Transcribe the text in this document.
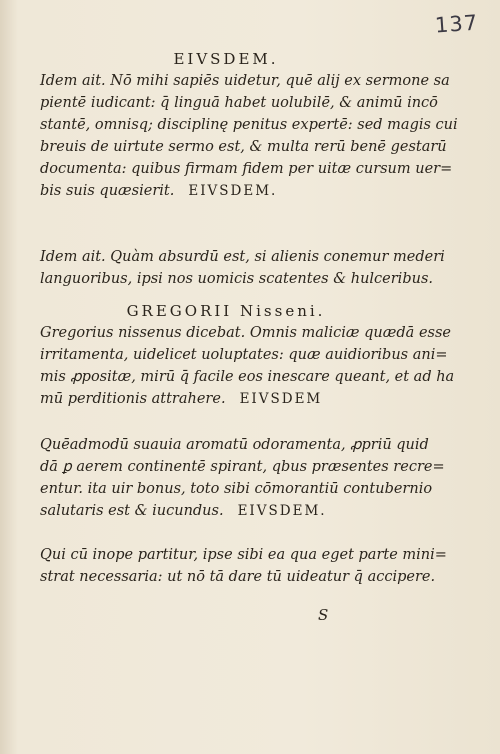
137
EIVSDEM.
Idem ait. Nō mihi sapiēs uidetur, quē alij ex sermone sa
pientē iudicant: q̄ linguā habet uolubilē, & animū incō
stantē, omnisq; disciplinę penitus expertē: sed magis cui
breuis de uirtute sermo est, & multa rerū benē gestarū
documenta: quibus firmam fidem per uitæ cursum uer=
bis suis quæsierit. EIVSDEM.
Idem ait. Quàm absurdū est, si alienis conemur mederi
languoribus, ipsi nos uomicis scatentes & hulceribus.
GREGORII Nisseni.
Gregorius nissenus dicebat. Omnis maliciæ quædā esse
irritamenta, uidelicet uoluptates: quæ auidioribus ani=
mis ꝓpositæ, mirū q̄ facile eos inescare queant, et ad ha
mū perditionis attrahere. EIVSDEM
Quēadmodū suauia aromatū odoramenta, ꝓpriū quid
dā ꝑ aerem continentē spirant, qbus præsentes recre=
entur. ita uir bonus, toto sibi cōmorantiū contubernio
salutaris est & iucundus. EIVSDEM.
Qui cū inope partitur, ipse sibi ea qua eget parte mini=
strat necessaria: ut nō tā dare tū uideatur q̄ accipere.
S
